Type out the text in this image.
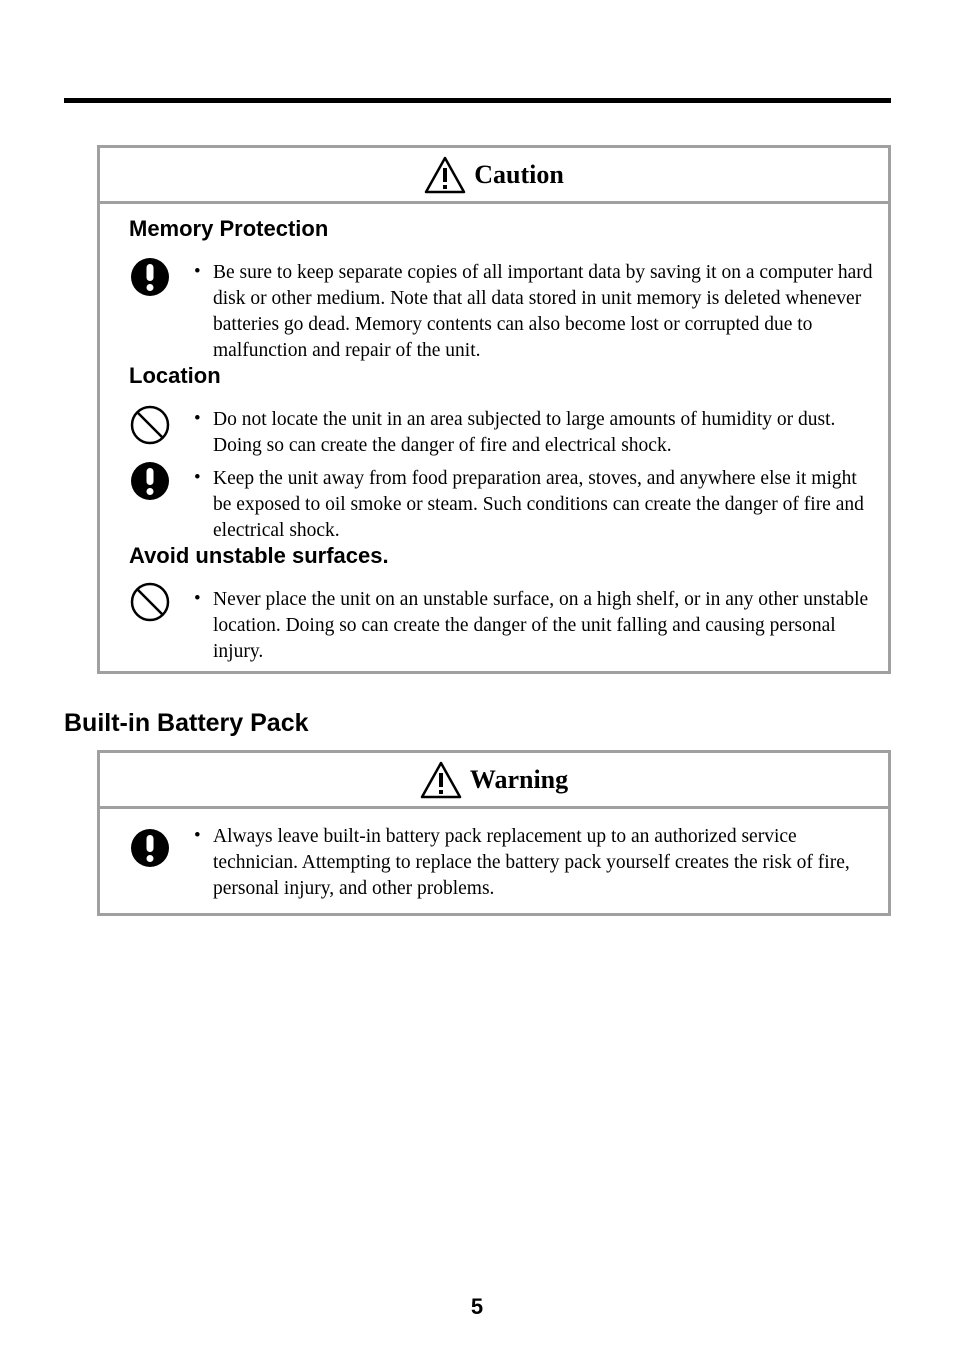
Caution
Memory Protection
• Be sure to keep separate copies of all important data by saving it on a computer hard disk or other medium. Note that all data stored in unit memory is deleted whenever batteries go dead. Memory contents can also become lost or corrupted due to malfunction and repair of the unit.
Location
• Do not locate the unit in an area subjected to large amounts of humidity or dust. Doing so can create the danger of fire and electrical shock.
• Keep the unit away from food preparation area, stoves, and anywhere else it might be exposed to oil smoke or steam. Such conditions can create the danger of fire and electrical shock.
Avoid unstable surfaces.
• Never place the unit on an unstable surface, on a high shelf, or in any other unstable location. Doing so can create the danger of the unit falling and causing personal injury.
Built-in Battery Pack
Warning
• Always leave built-in battery pack replacement up to an authorized service technician. Attempting to replace the battery pack yourself creates the risk of fire, personal injury, and other problems.
5
